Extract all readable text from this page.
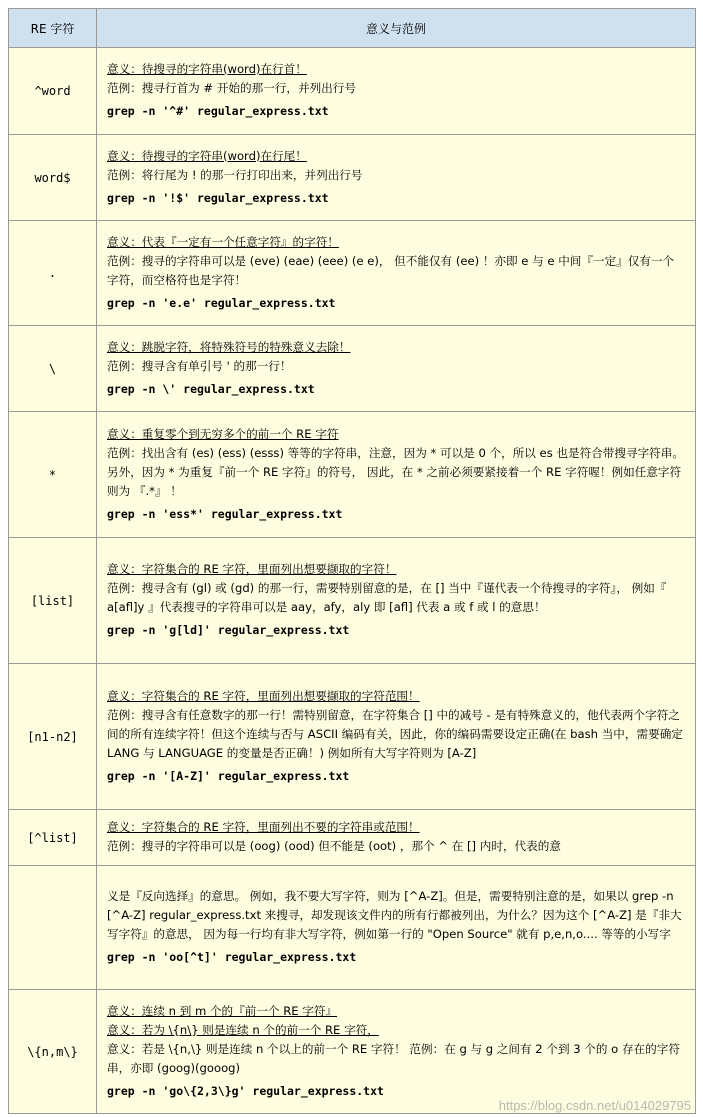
RE 字符	意义与范例
^word	意义：待搜寻的字符串(word)在行首！
范例：搜寻行首为 # 开始的那一行，并列出行号
grep -n '^#' regular_express.txt

word$	意义：待搜寻的字符串(word)在行尾！
范例：将行尾为 ! 的那一行打印出来，并列出行号
grep -n '!$' regular_express.txt

.	意义：代表『一定有一个任意字符』的字符！
范例：搜寻的字符串可以是 (eve) (eae) (eee) (e e)， 但不能仅有 (ee) ！亦即 e 与 e 中间『一定』仅有一个字符，而空格符也是字符！
grep -n 'e.e' regular_express.txt

\	意义：跳脱字符，将特殊符号的特殊意义去除！
范例：搜寻含有单引号 ' 的那一行！
grep -n \' regular_express.txt

*	意义：重复零个到无穷多个的前一个 RE 字符
范例：找出含有 (es) (ess) (esss) 等等的字符串，注意，因为 * 可以是 0 个，所以 es 也是符合带搜寻字符串。另外，因为 * 为重复『前一个 RE 字符』的符号， 因此，在 * 之前必须要紧接着一个 RE 字符喔！例如任意字符则为 『.*』 ！
grep -n 'ess*' regular_express.txt

[list]	意义：字符集合的 RE 字符，里面列出想要撷取的字符！
范例：搜寻含有 (gl) 或 (gd) 的那一行，需要特别留意的是，在 [] 当中『谨代表一个待搜寻的字符』， 例如『 a[afl]y 』代表搜寻的字符串可以是 aay，afy，aly 即 [afl] 代表 a 或 f 或 l 的意思！
grep -n 'g[ld]' regular_express.txt

[n1-n2]	意义：字符集合的 RE 字符，里面列出想要撷取的字符范围！
范例：搜寻含有任意数字的那一行！需特别留意，在字符集合 [] 中的减号 - 是有特殊意义的，他代表两个字符之间的所有连续字符！但这个连续与否与 ASCII 编码有关，因此，你的编码需要设定正确(在 bash 当中，需要确定 LANG 与 LANGUAGE 的变量是否正确！) 例如所有大写字符则为 [A-Z]
grep -n '[A-Z]' regular_express.txt

[^list]	意义：字符集合的 RE 字符，里面列出不要的字符串或范围！
范例：搜寻的字符串可以是 (oog) (ood) 但不能是 (oot) ，那个 ^ 在 [] 内时，代表的意

	义是『反向选择』的意思。 例如，我不要大写字符，则为 [^A-Z]。但是，需要特别注意的是，如果以 grep -n [^A-Z] regular_express.txt 来搜寻，却发现该文件内的所有行都被列出，为什么？因为这个 [^A-Z] 是『非大写字符』的意思， 因为每一行均有非大写字符，例如第一行的 "Open Source" 就有 p,e,n,o.... 等等的小写字
grep -n 'oo[^t]' regular_express.txt

\{n,m\}	意义：连续 n 到 m 个的『前一个 RE 字符』
意义：若为 \{n\} 则是连续 n 个的前一个 RE 字符，
意义：若是 \{n,\} 则是连续 n 个以上的前一个 RE 字符！ 范例：在 g 与 g 之间有 2 个到 3 个的 o 存在的字符串，亦即 (goog)(gooog)
grep -n 'go\{2,3\}g' regular_express.txt
https://blog.csdn.net/u014029795
